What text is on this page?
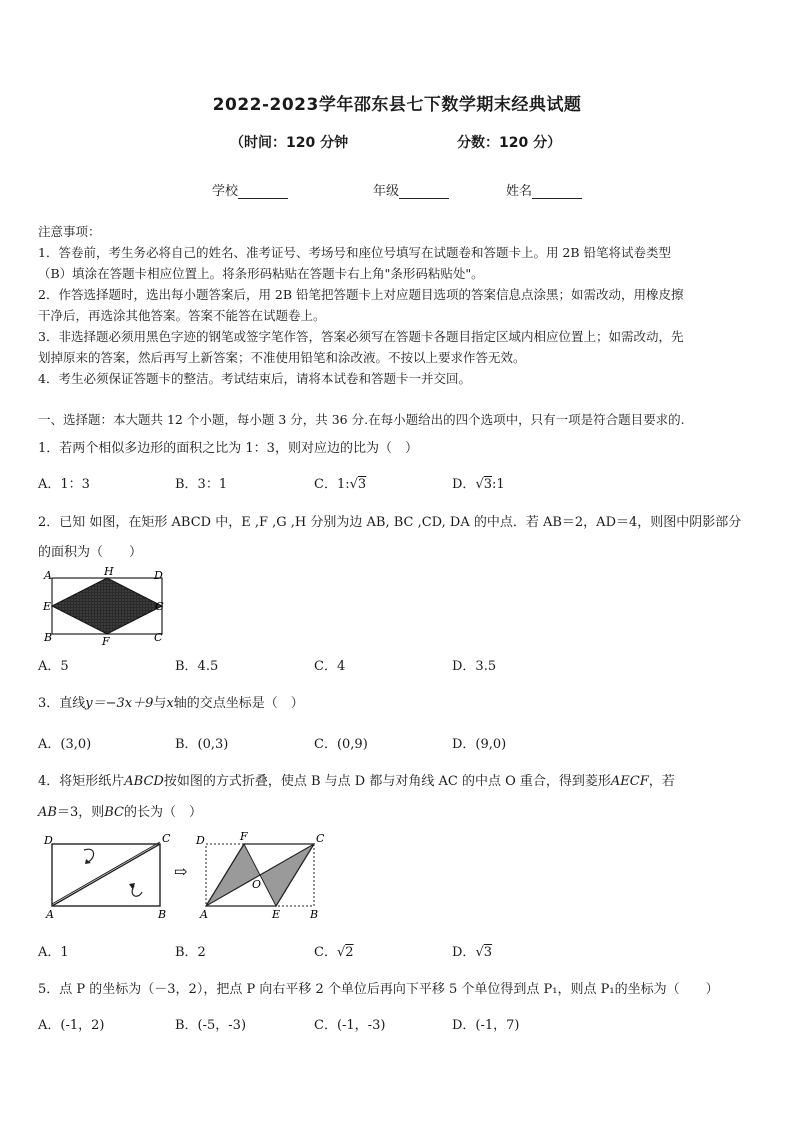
2022-2023学年邵东县七下数学期末经典试题
（时间：120 分钟	分数：120 分）
学校	年级	姓名
注意事项：
1．答卷前，考生务必将自己的姓名、准考证号、考场号和座位号填写在试题卷和答题卡上。用 2B 铅笔将试卷类型
（B）填涂在答题卡相应位置上。将条形码粘贴在答题卡右上角"条形码粘贴处"。
2．作答选择题时，选出每小题答案后，用 2B 铅笔把答题卡上对应题目选项的答案信息点涂黑；如需改动，用橡皮擦
干净后，再选涂其他答案。答案不能答在试题卷上。
3．非选择题必须用黑色字迹的钢笔或签字笔作答，答案必须写在答题卡各题目指定区域内相应位置上；如需改动，先
划掉原来的答案，然后再写上新答案；不准使用铅笔和涂改液。不按以上要求作答无效。
4．考生必须保证答题卡的整洁。考试结束后，请将本试卷和答题卡一并交回。
一、选择题：本大题共 12 个小题，每小题 3 分，共 36 分.在每小题给出的四个选项中，只有一项是符合题目要求的.
1．若两个相似多边形的面积之比为 1：3，则对应边的比为（　）
A．1：3	B．3：1	C．1:√3	D．√3:1
2．已知 如图，在矩形 ABCD 中，E ,F ,G ,H 分别为边 AB, BC ,CD, DA 的中点．若 AB＝2，AD＝4，则图中阴影部分
的面积为（　　）
A	H	D
E	G
B	F	C
A．5	B．4.5	C．4	D．3.5
3．直线y＝−3x＋9与x轴的交点坐标是（　）
A．(3,0)	B．(0,3)	C．(0,9)	D．(9,0)
4．将矩形纸片ABCD按如图的方式折叠，使点 B 与点 D 都与对角线 AC 的中点 O 重合，得到菱形AECF，若
AB＝3，则BC的长为（　）
D	C
A	B
⇨
D	F	C
O
A	E	B
A．1	B．2	C．√2	D．√3
5．点 P 的坐标为（－3，2），把点 P 向右平移 2 个单位后再向下平移 5 个单位得到点 P₁，则点 P₁的坐标为（　　）
A．(-1，2)	B．(-5，-3)	C．(-1，-3)	D．(-1，7)
